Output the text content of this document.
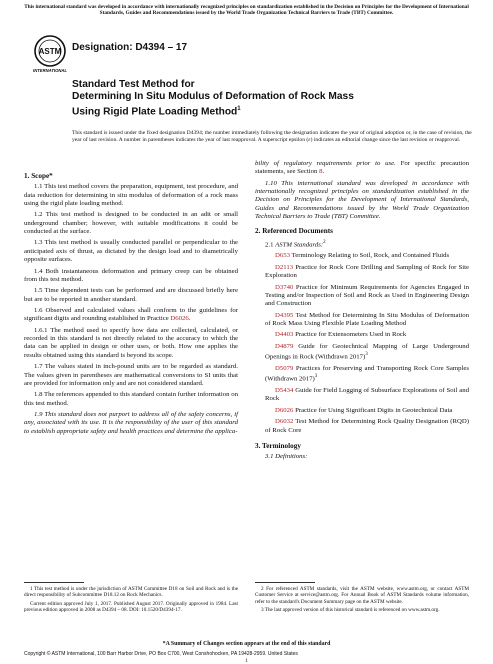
This international standard was developed in accordance with internationally recognized principles on standardization established in the Decision on Principles for the Development of International Standards, Guides and Recommendations issued by the World Trade Organization Technical Barriers to Trade (TBT) Committee.
ASTM
INTERNATIONAL
Designation: D4394 – 17
Standard Test Method for
Determining In Situ Modulus of Deformation of Rock Mass
Using Rigid Plate Loading Method$^1$
This standard is issued under the fixed designation D4394; the number immediately following the designation indicates the year of original adoption or, in the case of revision, the year of last revision. A number in parentheses indicates the year of last reapproval. A superscript epsilon (ε) indicates an editorial change since the last revision or reapproval.
1. Scope*

1.1 This test method covers the preparation, equipment, test procedure, and data reduction for determining in situ modulus of deformation of a rock mass using the rigid plate loading method.

1.2 This test method is designed to be conducted in an adit or small underground chamber; however, with suitable modifications it could be conducted at the surface.

1.3 This test method is usually conducted parallel or perpendicular to the anticipated axis of thrust, as dictated by the design load and to diametrically opposite surfaces.

1.4 Both instantaneous deformation and primary creep can be obtained from this test method.

1.5 Time dependent tests can be performed and are discussed briefly here but are to be reported in another standard.

1.6 Observed and calculated values shall conform to the guidelines for significant digits and rounding established in Practice D6026.

1.6.1 The method used to specify how data are collected, calculated, or recorded in this standard is not directly related to the accuracy to which the data can be applied in design or other uses, or both. How one applies the results obtained using this standard is beyond its scope.

1.7 The values stated in inch-pound units are to be regarded as standard. The values given in parentheses are mathematical conversions to SI units that are provided for information only and are not considered standard.

1.8 The references appended to this standard contain further information on this test method.

1.9 This standard does not purport to address all of the safety concerns, if any, associated with its use. It is the responsibility of the user of this standard to establish appropriate safety and health practices and determine the applica-

bility of regulatory requirements prior to use. For specific precaution statements, see Section 8.

1.10 This international standard was developed in accordance with internationally recognized principles on standardization established in the Decision on Principles for the Development of International Standards, Guides and Recommendations issued by the World Trade Organization Technical Barriers to Trade (TBT) Committee.

2. Referenced Documents

2.1 ASTM Standards:$^2$

D653 Terminology Relating to Soil, Rock, and Contained Fluids

D2113 Practice for Rock Core Drilling and Sampling of Rock for Site Exploration

D3740 Practice for Minimum Requirements for Agencies Engaged in Testing and/or Inspection of Soil and Rock as Used in Engineering Design and Construction

D4395 Test Method for Determining In Situ Modulus of Deformation of Rock Mass Using Flexible Plate Loading Method

D4403 Practice for Extensometers Used in Rock

D4879 Guide for Geotechnical Mapping of Large Underground Openings in Rock (Withdrawn 2017)$^3$

D5079 Practices for Preserving and Transporting Rock Core Samples (Withdrawn 2017)$^3$

D5434 Guide for Field Logging of Subsurface Explorations of Soil and Rock

D6026 Practice for Using Significant Digits in Geotechnical Data

D6032 Test Method for Determining Rock Quality Designation (RQD) of Rock Core

3. Terminology

3.1 Definitions:

1 This test method is under the jurisdiction of ASTM Committee D18 on Soil and Rock and is the direct responsibility of Subcommittee D18.12 on Rock Mechanics.

Current edition approved July 1, 2017. Published August 2017. Originally approved in 1984. Last previous edition approved in 2008 as D4394 – 08. DOI: 10.1520/D4394-17.

2 For referenced ASTM standards, visit the ASTM website, www.astm.org, or contact ASTM Customer Service at service@astm.org. For Annual Book of ASTM Standards volume information, refer to the standard's Document Summary page on the ASTM website.

3 The last approved version of this historical standard is referenced on www.astm.org.

*A Summary of Changes section appears at the end of this standard
Copyright © ASTM International, 100 Barr Harbor Drive, PO Box C700, West Conshohocken, PA 19428-2959. United States
1
